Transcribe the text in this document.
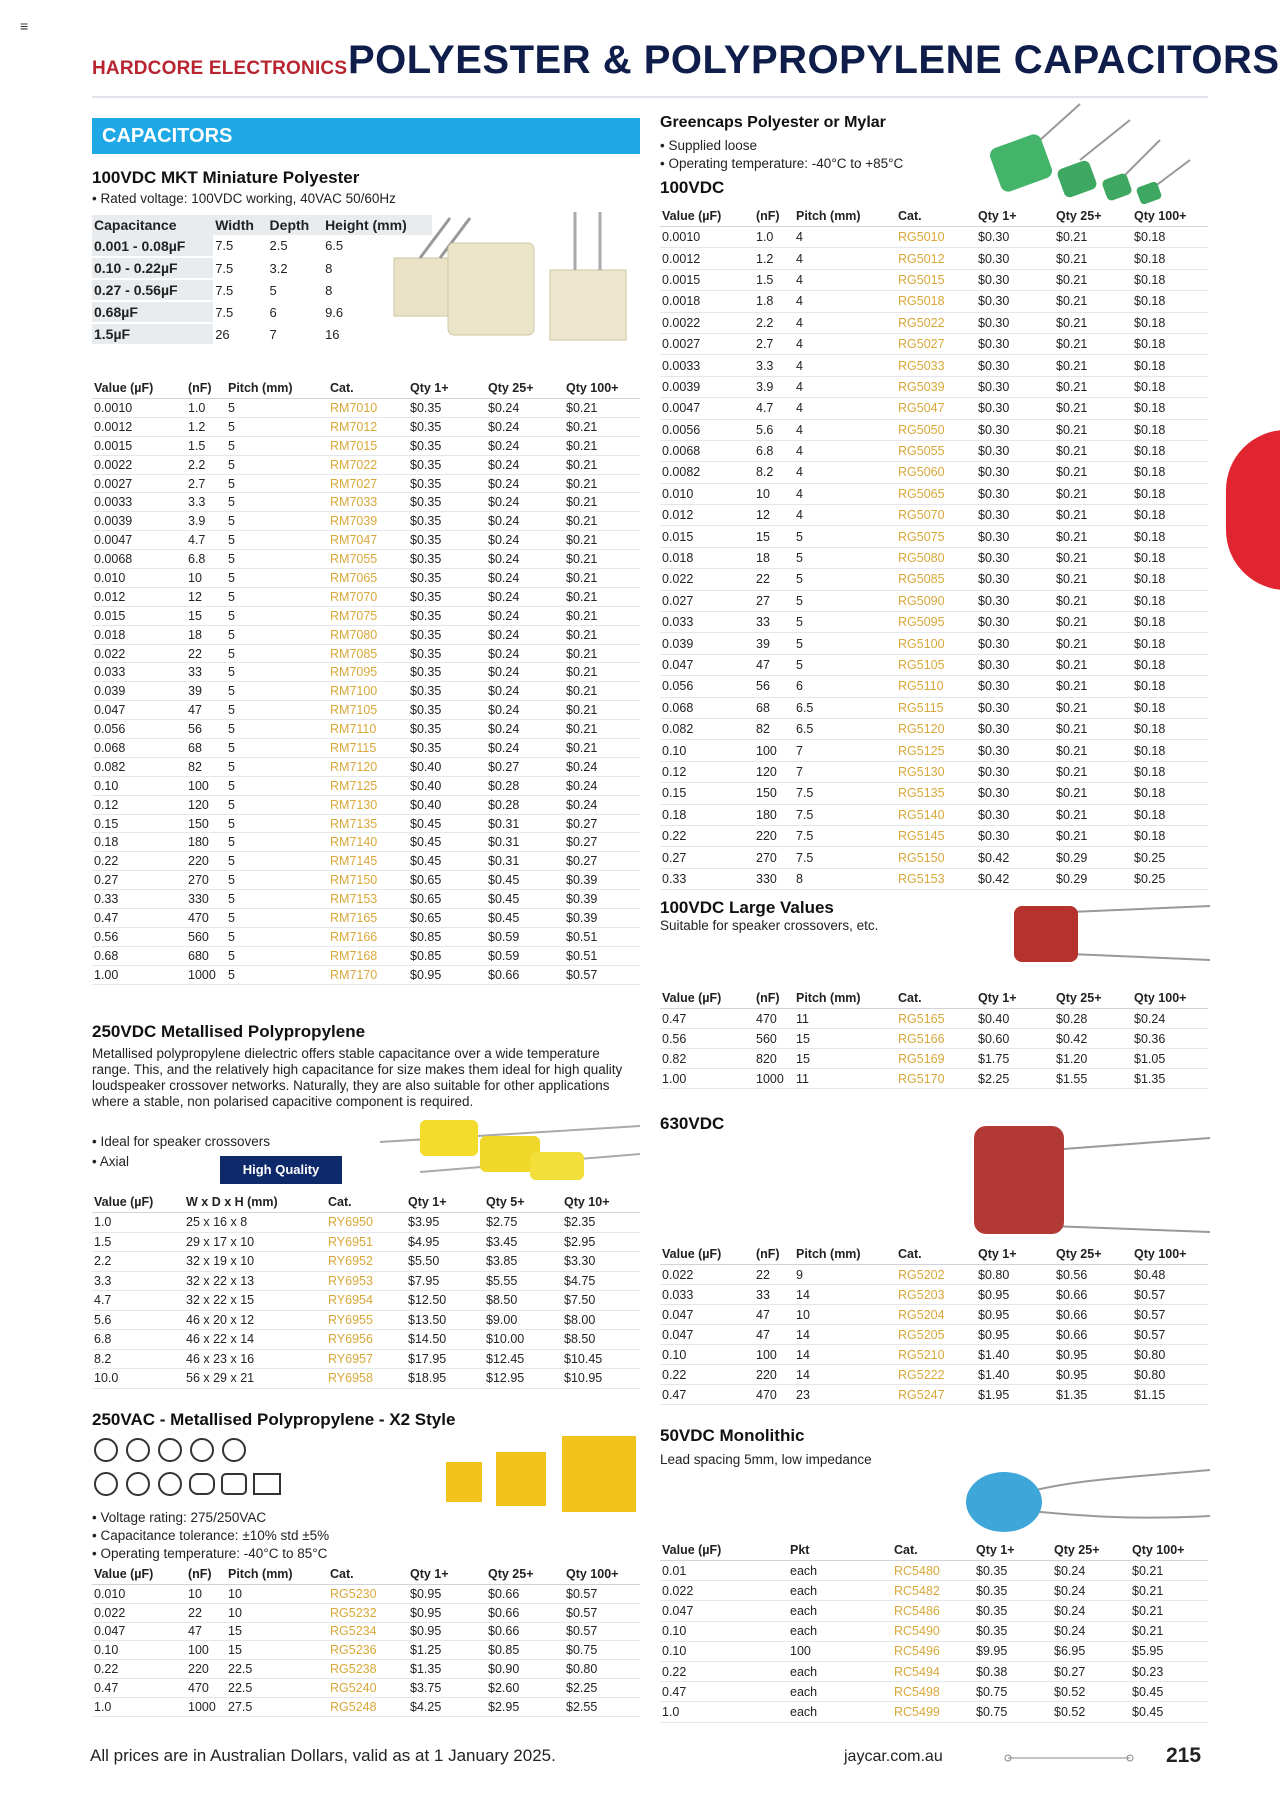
≡
HARDCORE ELECTRONICS POLYESTER & POLYPROPYLENE CAPACITORS
CAPACITORS
100VDC MKT Miniature Polyester
• Rated voltage: 100VDC working, 40VAC 50/60Hz
Capacitance	Width	Depth	Height (mm)
0.001 - 0.08µF	7.5	2.5	6.5
0.10 - 0.22µF	7.5	3.2	8
0.27 - 0.56µF	7.5	5	8
0.68µF	7.5	6	9.6
1.5µF	26	7	16
Value (µF)	(nF)	Pitch (mm)	Cat.	Qty 1+	Qty 25+	Qty 100+
0.0010	1.0	5	RM7010	$0.35	$0.24	$0.21
0.0012	1.2	5	RM7012	$0.35	$0.24	$0.21
0.0015	1.5	5	RM7015	$0.35	$0.24	$0.21
0.0022	2.2	5	RM7022	$0.35	$0.24	$0.21
0.0027	2.7	5	RM7027	$0.35	$0.24	$0.21
0.0033	3.3	5	RM7033	$0.35	$0.24	$0.21
0.0039	3.9	5	RM7039	$0.35	$0.24	$0.21
0.0047	4.7	5	RM7047	$0.35	$0.24	$0.21
0.0068	6.8	5	RM7055	$0.35	$0.24	$0.21
0.010	10	5	RM7065	$0.35	$0.24	$0.21
0.012	12	5	RM7070	$0.35	$0.24	$0.21
0.015	15	5	RM7075	$0.35	$0.24	$0.21
0.018	18	5	RM7080	$0.35	$0.24	$0.21
0.022	22	5	RM7085	$0.35	$0.24	$0.21
0.033	33	5	RM7095	$0.35	$0.24	$0.21
0.039	39	5	RM7100	$0.35	$0.24	$0.21
0.047	47	5	RM7105	$0.35	$0.24	$0.21
0.056	56	5	RM7110	$0.35	$0.24	$0.21
0.068	68	5	RM7115	$0.35	$0.24	$0.21
0.082	82	5	RM7120	$0.40	$0.27	$0.24
0.10	100	5	RM7125	$0.40	$0.28	$0.24
0.12	120	5	RM7130	$0.40	$0.28	$0.24
0.15	150	5	RM7135	$0.45	$0.31	$0.27
0.18	180	5	RM7140	$0.45	$0.31	$0.27
0.22	220	5	RM7145	$0.45	$0.31	$0.27
0.27	270	5	RM7150	$0.65	$0.45	$0.39
0.33	330	5	RM7153	$0.65	$0.45	$0.39
0.47	470	5	RM7165	$0.65	$0.45	$0.39
0.56	560	5	RM7166	$0.85	$0.59	$0.51
0.68	680	5	RM7168	$0.85	$0.59	$0.51
1.00	1000	5	RM7170	$0.95	$0.66	$0.57
250VDC Metallised Polypropylene
Metallised polypropylene dielectric offers stable capacitance over a wide temperature range. This, and the relatively high capacitance for size makes them ideal for high quality loudspeaker crossover networks. Naturally, they are also suitable for other applications where a stable, non polarised capacitive component is required.
• Ideal for speaker crossovers
• Axial
High Quality
Value (µF)	W x D x H (mm)	Cat.	Qty 1+	Qty 5+	Qty 10+
1.0	25 x 16 x 8	RY6950	$3.95	$2.75	$2.35
1.5	29 x 17 x 10	RY6951	$4.95	$3.45	$2.95
2.2	32 x 19 x 10	RY6952	$5.50	$3.85	$3.30
3.3	32 x 22 x 13	RY6953	$7.95	$5.55	$4.75
4.7	32 x 22 x 15	RY6954	$12.50	$8.50	$7.50
5.6	46 x 20 x 12	RY6955	$13.50	$9.00	$8.00
6.8	46 x 22 x 14	RY6956	$14.50	$10.00	$8.50
8.2	46 x 23 x 16	RY6957	$17.95	$12.45	$10.45
10.0	56 x 29 x 21	RY6958	$18.95	$12.95	$10.95
250VAC - Metallised Polypropylene - X2 Style
• Voltage rating: 275/250VAC
• Capacitance tolerance: ±10% std ±5%
• Operating temperature: -40°C to 85°C
Value (µF)	(nF)	Pitch (mm)	Cat.	Qty 1+	Qty 25+	Qty 100+
0.010	10	10	RG5230	$0.95	$0.66	$0.57
0.022	22	10	RG5232	$0.95	$0.66	$0.57
0.047	47	15	RG5234	$0.95	$0.66	$0.57
0.10	100	15	RG5236	$1.25	$0.85	$0.75
0.22	220	22.5	RG5238	$1.35	$0.90	$0.80
0.47	470	22.5	RG5240	$3.75	$2.60	$2.25
1.0	1000	27.5	RG5248	$4.25	$2.95	$2.55
Greencaps Polyester or Mylar
• Supplied loose
• Operating temperature: -40°C to +85°C
100VDC
Value (µF)	(nF)	Pitch (mm)	Cat.	Qty 1+	Qty 25+	Qty 100+
0.0010	1.0	4	RG5010	$0.30	$0.21	$0.18
0.0012	1.2	4	RG5012	$0.30	$0.21	$0.18
0.0015	1.5	4	RG5015	$0.30	$0.21	$0.18
0.0018	1.8	4	RG5018	$0.30	$0.21	$0.18
0.0022	2.2	4	RG5022	$0.30	$0.21	$0.18
0.0027	2.7	4	RG5027	$0.30	$0.21	$0.18
0.0033	3.3	4	RG5033	$0.30	$0.21	$0.18
0.0039	3.9	4	RG5039	$0.30	$0.21	$0.18
0.0047	4.7	4	RG5047	$0.30	$0.21	$0.18
0.0056	5.6	4	RG5050	$0.30	$0.21	$0.18
0.0068	6.8	4	RG5055	$0.30	$0.21	$0.18
0.0082	8.2	4	RG5060	$0.30	$0.21	$0.18
0.010	10	4	RG5065	$0.30	$0.21	$0.18
0.012	12	4	RG5070	$0.30	$0.21	$0.18
0.015	15	5	RG5075	$0.30	$0.21	$0.18
0.018	18	5	RG5080	$0.30	$0.21	$0.18
0.022	22	5	RG5085	$0.30	$0.21	$0.18
0.027	27	5	RG5090	$0.30	$0.21	$0.18
0.033	33	5	RG5095	$0.30	$0.21	$0.18
0.039	39	5	RG5100	$0.30	$0.21	$0.18
0.047	47	5	RG5105	$0.30	$0.21	$0.18
0.056	56	6	RG5110	$0.30	$0.21	$0.18
0.068	68	6.5	RG5115	$0.30	$0.21	$0.18
0.082	82	6.5	RG5120	$0.30	$0.21	$0.18
0.10	100	7	RG5125	$0.30	$0.21	$0.18
0.12	120	7	RG5130	$0.30	$0.21	$0.18
0.15	150	7.5	RG5135	$0.30	$0.21	$0.18
0.18	180	7.5	RG5140	$0.30	$0.21	$0.18
0.22	220	7.5	RG5145	$0.30	$0.21	$0.18
0.27	270	7.5	RG5150	$0.42	$0.29	$0.25
0.33	330	8	RG5153	$0.42	$0.29	$0.25
100VDC Large Values
Suitable for speaker crossovers, etc.
Value (µF)	(nF)	Pitch (mm)	Cat.	Qty 1+	Qty 25+	Qty 100+
0.47	470	11	RG5165	$0.40	$0.28	$0.24
0.56	560	15	RG5166	$0.60	$0.42	$0.36
0.82	820	15	RG5169	$1.75	$1.20	$1.05
1.00	1000	11	RG5170	$2.25	$1.55	$1.35
630VDC
Value (µF)	(nF)	Pitch (mm)	Cat.	Qty 1+	Qty 25+	Qty 100+
0.022	22	9	RG5202	$0.80	$0.56	$0.48
0.033	33	14	RG5203	$0.95	$0.66	$0.57
0.047	47	10	RG5204	$0.95	$0.66	$0.57
0.047	47	14	RG5205	$0.95	$0.66	$0.57
0.10	100	14	RG5210	$1.40	$0.95	$0.80
0.22	220	14	RG5222	$1.40	$0.95	$0.80
0.47	470	23	RG5247	$1.95	$1.35	$1.15
50VDC Monolithic
Lead spacing 5mm, low impedance
Value (µF)	Pkt	Cat.	Qty 1+	Qty 25+	Qty 100+
0.01	each	RC5480	$0.35	$0.24	$0.21
0.022	each	RC5482	$0.35	$0.24	$0.21
0.047	each	RC5486	$0.35	$0.24	$0.21
0.10	each	RC5490	$0.35	$0.24	$0.21
0.10	100	RC5496	$9.95	$6.95	$5.95
0.22	each	RC5494	$0.38	$0.27	$0.23
0.47	each	RC5498	$0.75	$0.52	$0.45
1.0	each	RC5499	$0.75	$0.52	$0.45
All prices are in Australian Dollars, valid as at 1 January 2025.	jaycar.com.au	215
